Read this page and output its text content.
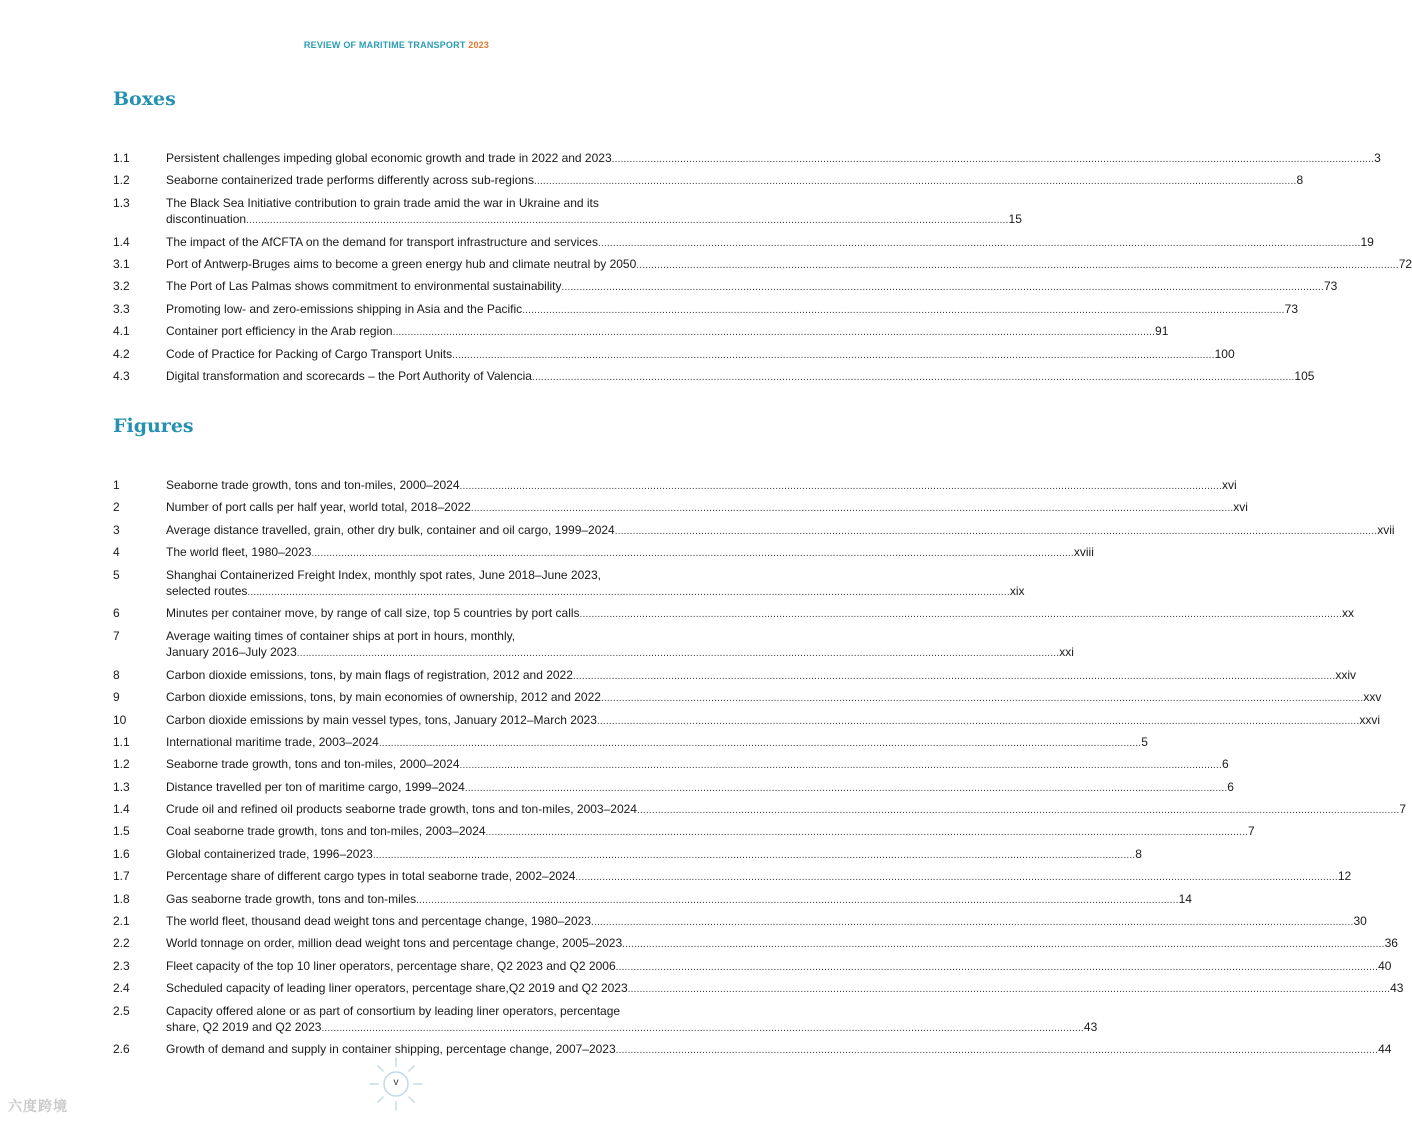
REVIEW OF MARITIME TRANSPORT 2023
Boxes
1.1	Persistent challenges impeding global economic growth and trade in 2022 and 2023 .....	3
1.2	Seaborne containerized trade performs differently across sub-regions .....	8
1.3	The Black Sea Initiative contribution to grain trade amid the war in Ukraine and its
discontinuation .....	15
1.4	The impact of the AfCFTA on the demand for transport infrastructure and services .....	19
3.1	Port of Antwerp-Bruges aims to become a green energy hub and climate neutral by 2050 .....	72
3.2	The Port of Las Palmas shows commitment to environmental sustainability .....	73
3.3	Promoting low- and zero-emissions shipping in Asia and the Pacific .....	73
4.1	Container port efficiency in the Arab region .....	91
4.2	Code of Practice for Packing of Cargo Transport Units .....	100
4.3	Digital transformation and scorecards – the Port Authority of Valencia .....	105
Figures
1	Seaborne trade growth, tons and ton-miles, 2000–2024 .....	xvi
2	Number of port calls per half year, world total, 2018–2022 .....	xvi
3	Average distance travelled, grain, other dry bulk, container and oil cargo, 1999–2024 .....	xvii
4	The world fleet, 1980–2023 .....	xviii
5	Shanghai Containerized Freight Index, monthly spot rates, June 2018–June 2023,
selected routes .....	xix
6	Minutes per container move, by range of call size, top 5 countries by port calls .....	xx
7	Average waiting times of container ships at port in hours, monthly,
January 2016–July 2023 .....	xxi
8	Carbon dioxide emissions, tons, by main flags of registration, 2012 and 2022 .....	xxiv
9	Carbon dioxide emissions, tons, by main economies of ownership, 2012 and 2022 .....	xxv
10	Carbon dioxide emissions by main vessel types, tons, January 2012–March 2023 .....	xxvi
1.1	International maritime trade, 2003–2024 .....	5
1.2	Seaborne trade growth, tons and ton-miles, 2000–2024 .....	6
1.3	Distance travelled per ton of maritime cargo, 1999–2024 .....	6
1.4	Crude oil and refined oil products seaborne trade growth, tons and ton-miles, 2003–2024 .....	7
1.5	Coal seaborne trade growth, tons and ton-miles, 2003–2024 .....	7
1.6	Global containerized trade, 1996–2023 .....	8
1.7	Percentage share of different cargo types in total seaborne trade, 2002–2024 .....	12
1.8	Gas seaborne trade growth, tons and ton-miles .....	14
2.1	The world fleet, thousand dead weight tons and percentage change, 1980–2023 .....	30
2.2	World tonnage on order, million dead weight tons and percentage change, 2005–2023 .....	36
2.3	Fleet capacity of the top 10 liner operators, percentage share, Q2 2023 and Q2 2006 .....	40
2.4	Scheduled capacity of leading liner operators, percentage share,Q2 2019 and Q2 2023 .....	43
2.5	Capacity offered alone or as part of consortium by leading liner operators, percentage
share, Q2 2019 and Q2 2023 .....	43
2.6	Growth of demand and supply in container shipping, percentage change, 2007–2023 .....	44
v
六度跨境
